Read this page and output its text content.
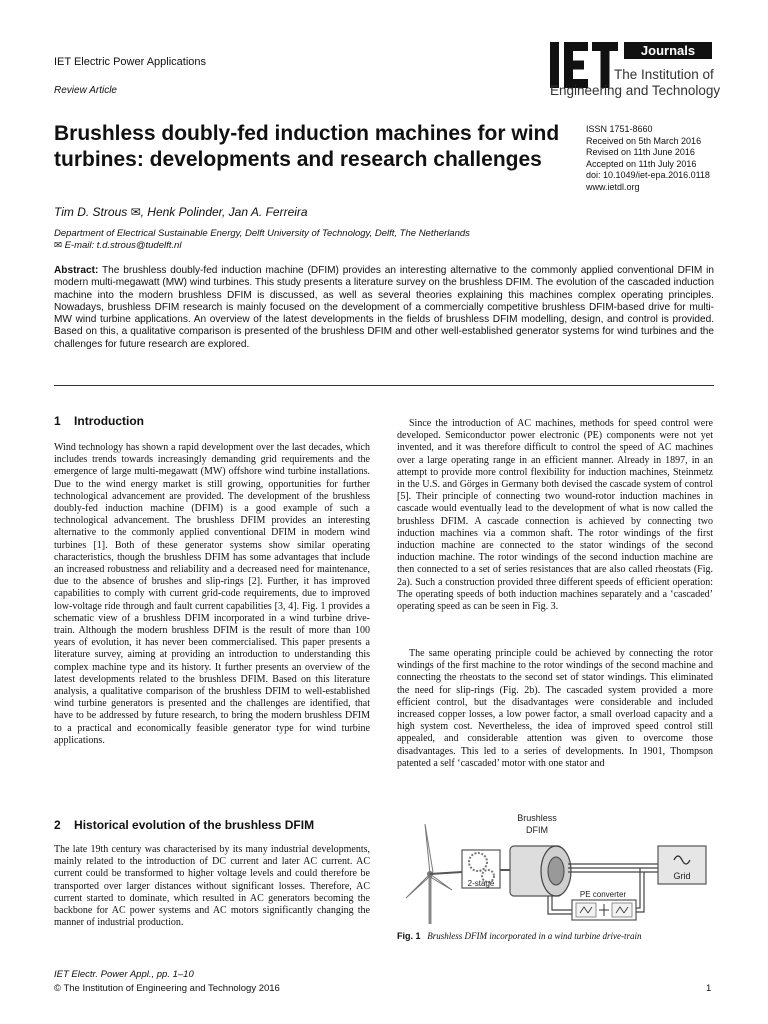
IET Electric Power Applications
Review Article
Journals
The Institution of
Engineering and Technology
Brushless doubly-fed induction machines for wind turbines: developments and research challenges
ISSN 1751-8660
Received on 5th March 2016
Revised on 11th June 2016
Accepted on 11th July 2016
doi: 10.1049/iet-epa.2016.0118
www.ietdl.org
Tim D. Strous ✉, Henk Polinder, Jan A. Ferreira
Department of Electrical Sustainable Energy, Delft University of Technology, Delft, The Netherlands
✉ E-mail: t.d.strous@tudelft.nl
Abstract: The brushless doubly-fed induction machine (DFIM) provides an interesting alternative to the commonly applied conventional DFIM in modern multi-megawatt (MW) wind turbines. This study presents a literature survey on the brushless DFIM. The evolution of the cascaded induction machine into the modern brushless DFIM is discussed, as well as several theories explaining this machines complex operating principles. Nowadays, brushless DFIM research is mainly focused on the development of a commercially competitive brushless DFIM-based drive for multi-MW wind turbine applications. An overview of the latest developments in the fields of brushless DFIM modelling, design, and control is provided. Based on this, a qualitative comparison is presented of the brushless DFIM and other well-established generator systems for wind turbines and the challenges for future research are explored.
1 Introduction
Wind technology has shown a rapid development over the last decades, which includes trends towards increasingly demanding grid requirements and the emergence of large multi-megawatt (MW) offshore wind turbine installations. Due to the wind energy market is still growing, opportunities for further technological advancement are provided. The development of the brushless doubly-fed induction machine (DFIM) is a good example of such a technological advancement. The brushless DFIM provides an interesting alternative to the commonly applied conventional DFIM in modern wind turbines [1]. Both of these generator systems show similar operating characteristics, though the brushless DFIM has some advantages that include an increased robustness and reliability and a decreased need for maintenance, due to the absence of brushes and slip-rings [2]. Further, it has improved capabilities to comply with current grid-code requirements, due to improved low-voltage ride through and fault current capabilities [3, 4]. Fig. 1 provides a schematic view of a brushless DFIM incorporated in a wind turbine drive-train. Although the modern brushless DFIM is the result of more than 100 years of evolution, it has never been commercialised. This paper presents a literature survey, aiming at providing an introduction to understanding this complex machine type and its history. It further presents an overview of the latest developments related to the brushless DFIM. Based on this literature analysis, a qualitative comparison of the brushless DFIM to well-established wind turbine generators is presented and the challenges are identified, that have to be addressed by future research, to bring the modern brushless DFIM to a practical and economically feasible generator type for wind turbine applications.
2 Historical evolution of the brushless DFIM
The late 19th century was characterised by its many industrial developments, mainly related to the introduction of DC current and later AC current. AC current could be transformed to higher voltage levels and could therefore be transported over larger distances without significant losses. Therefore, AC current started to dominate, which resulted in AC generators becoming the backbone for AC power systems and AC motors significantly changing the manner of industrial production.
Since the introduction of AC machines, methods for speed control were developed. Semiconductor power electronic (PE) components were not yet invented, and it was therefore difficult to control the speed of AC machines over a large operating range in an efficient manner. Already in 1897, in an attempt to provide more control flexibility for induction machines, Steinmetz in the U.S. and Görges in Germany both devised the cascade system of control [5]. Their principle of connecting two wound-rotor induction machines in cascade would eventually lead to the development of what is now called the brushless DFIM. A cascade connection is achieved by connecting two induction machines via a common shaft. The rotor windings of the first induction machine are connected to the stator windings of the second induction machine. The rotor windings of the second induction machine are then connected to a set of series resistances that are also called rheostats (Fig. 2a). Such a construction provided three different speeds of efficient operation: The operating speeds of both induction machines separately and a ‘cascaded’ operating speed as can be seen in Fig. 3.
The same operating principle could be achieved by connecting the rotor windings of the first machine to the rotor windings of the second machine and connecting the rheostats to the second set of stator windings. This eliminated the need for slip-rings (Fig. 2b). The cascaded system provided a more efficient control, but the disadvantages were considerable and included increased copper losses, a low power factor, a small overload capacity and a high system cost. Nevertheless, the idea of improved speed control still appealed, and considerable attention was given to overcome those disadvantages. This led to a series of developments. In 1901, Thompson patented a self ‘cascaded’ motor with one stator and
2-stage
Brushless
DFIM
Grid
PE converter
Fig. 1 Brushless DFIM incorporated in a wind turbine drive-train
IET Electr. Power Appl., pp. 1–10
© The Institution of Engineering and Technology 2016	1
